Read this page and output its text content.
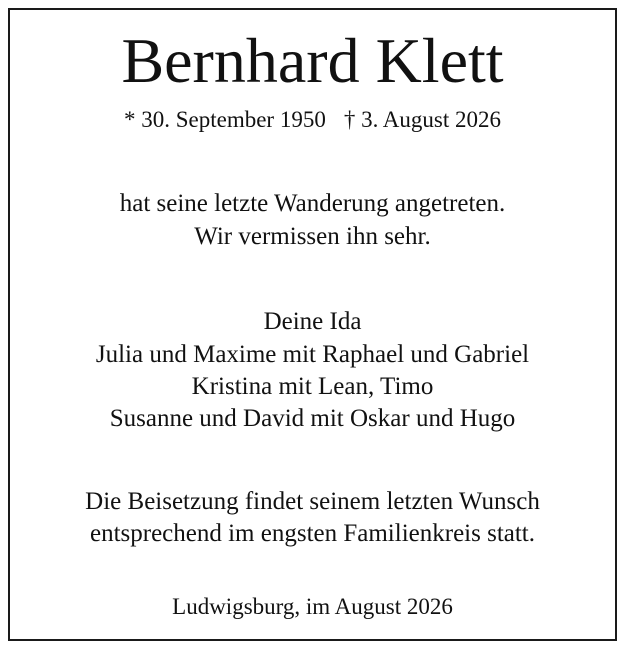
Bernhard Klett
* 30. September 1950 † 3. August 2026
hat seine letzte Wanderung angetreten.
Wir vermissen ihn sehr.
Deine Ida
Julia und Maxime mit Raphael und Gabriel
Kristina mit Lean, Timo
Susanne und David mit Oskar und Hugo
Die Beisetzung findet seinem letzten Wunsch
entsprechend im engsten Familienkreis statt.
Ludwigsburg, im August 2026
